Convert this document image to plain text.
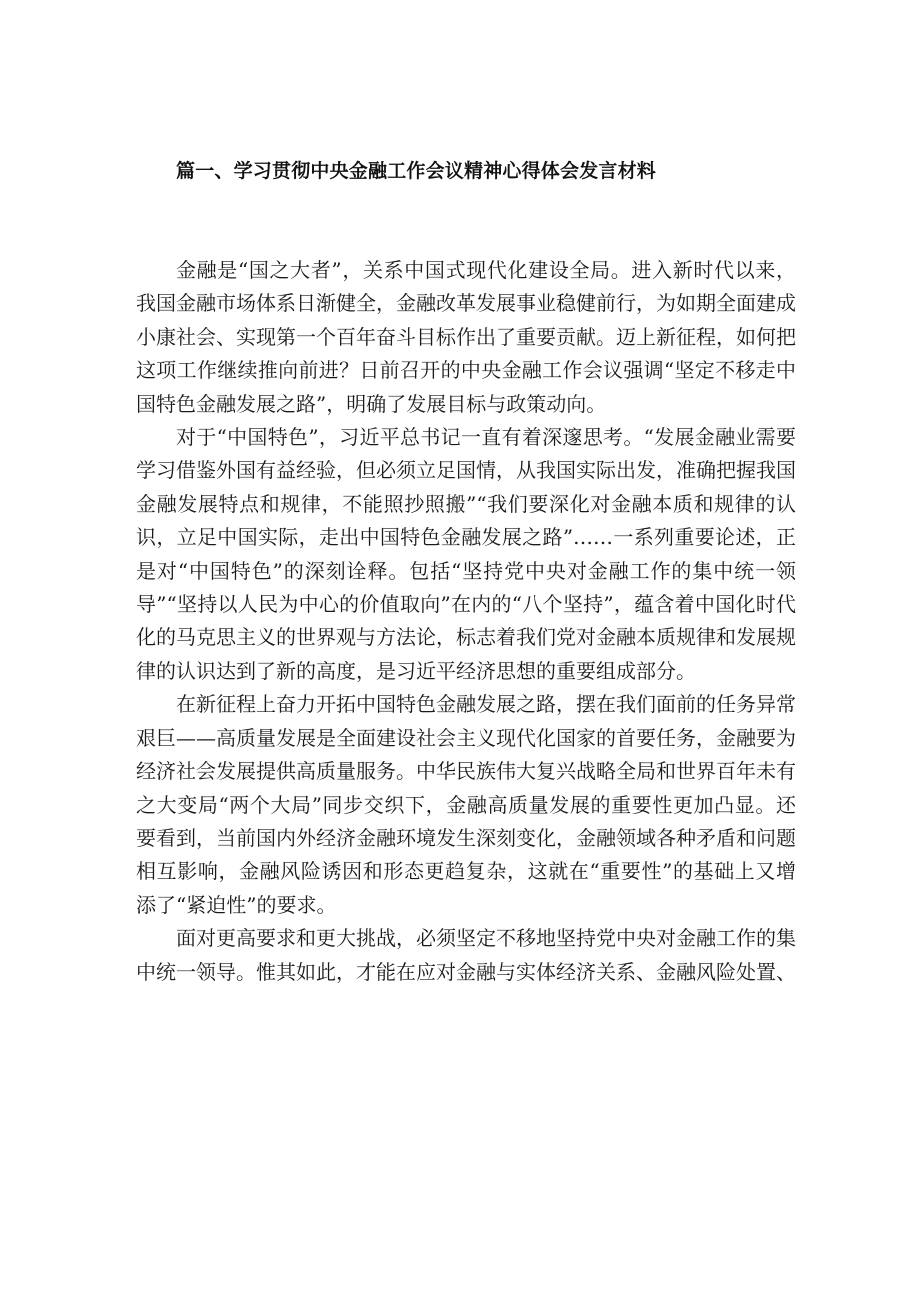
篇一、学习贯彻中央金融工作会议精神心得体会发言材料

金融是“国之大者”，关系中国式现代化建设全局。进入新时代以来，我国金融市场体系日渐健全，金融改革发展事业稳健前行，为如期全面建成小康社会、实现第一个百年奋斗目标作出了重要贡献。迈上新征程，如何把这项工作继续推向前进？日前召开的中央金融工作会议强调“坚定不移走中国特色金融发展之路”，明确了发展目标与政策动向。

对于“中国特色”，习近平总书记一直有着深邃思考。“发展金融业需要学习借鉴外国有益经验，但必须立足国情，从我国实际出发，准确把握我国金融发展特点和规律，不能照抄照搬”“我们要深化对金融本质和规律的认识，立足中国实际，走出中国特色金融发展之路”……一系列重要论述，正是对“中国特色”的深刻诠释。包括“坚持党中央对金融工作的集中统一领导”“坚持以人民为中心的价值取向”在内的“八个坚持”，蕴含着中国化时代化的马克思主义的世界观与方法论，标志着我们党对金融本质规律和发展规律的认识达到了新的高度，是习近平经济思想的重要组成部分。

在新征程上奋力开拓中国特色金融发展之路，摆在我们面前的任务异常艰巨——高质量发展是全面建设社会主义现代化国家的首要任务，金融要为经济社会发展提供高质量服务。中华民族伟大复兴战略全局和世界百年未有之大变局“两个大局”同步交织下，金融高质量发展的重要性更加凸显。还要看到，当前国内外经济金融环境发生深刻变化，金融领域各种矛盾和问题相互影响，金融风险诱因和形态更趋复杂，这就在“重要性”的基础上又增添了“紧迫性”的要求。

面对更高要求和更大挑战，必须坚定不移地坚持党中央对金融工作的集中统一领导。惟其如此，才能在应对金融与实体经济关系、金融风险处置、
